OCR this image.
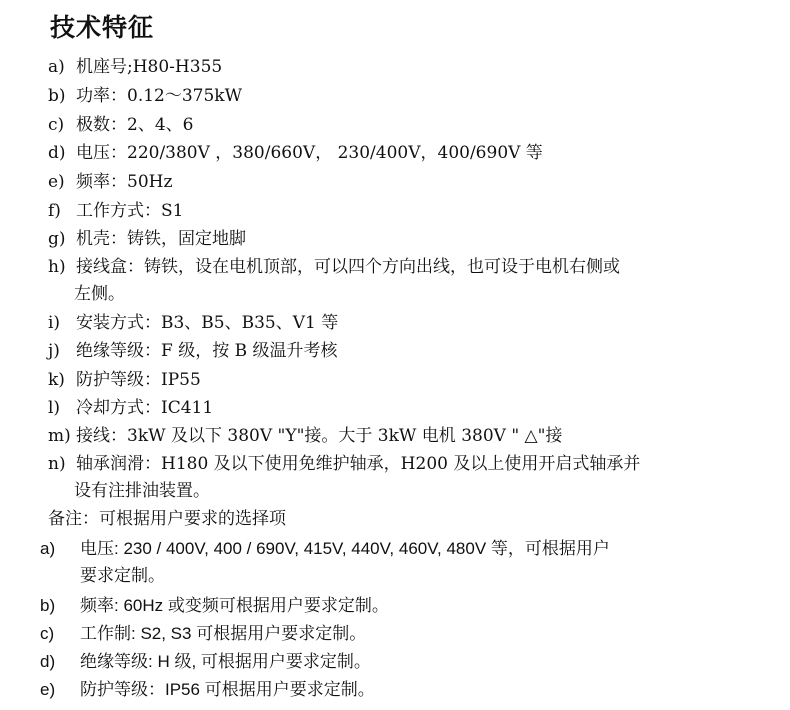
技术特征
a) 机座号;H80-H355
b) 功率：0.12～375kW
c) 极数：2、4、6
d) 电压：220/380V ，380/660V， 230/400V，400/690V 等
e) 频率：50Hz
f) 工作方式：S1
g) 机壳：铸铁，固定地脚
h) 接线盒：铸铁，设在电机顶部，可以四个方向出线，也可设于电机右侧或
左侧。
i) 安装方式：B3、B5、B35、V1 等
j) 绝缘等级：F 级，按 B 级温升考核
k) 防护等级：IP55
l) 冷却方式：IC411
m) 接线：3kW 及以下 380V "Y"接。大于 3kW 电机 380V " △"接
n) 轴承润滑：H180 及以下使用免维护轴承，H200 及以上使用开启式轴承并
设有注排油装置。
备注：可根据用户要求的选择项
a) 电压: 230 / 400V, 400 / 690V, 415V, 440V, 460V, 480V 等，可根据用户
要求定制。
b) 频率: 60Hz 或变频可根据用户要求定制。
c) 工作制: S2, S3 可根据用户要求定制。
d) 绝缘等级: H 级, 可根据用户要求定制。
e) 防护等级：IP56 可根据用户要求定制。
